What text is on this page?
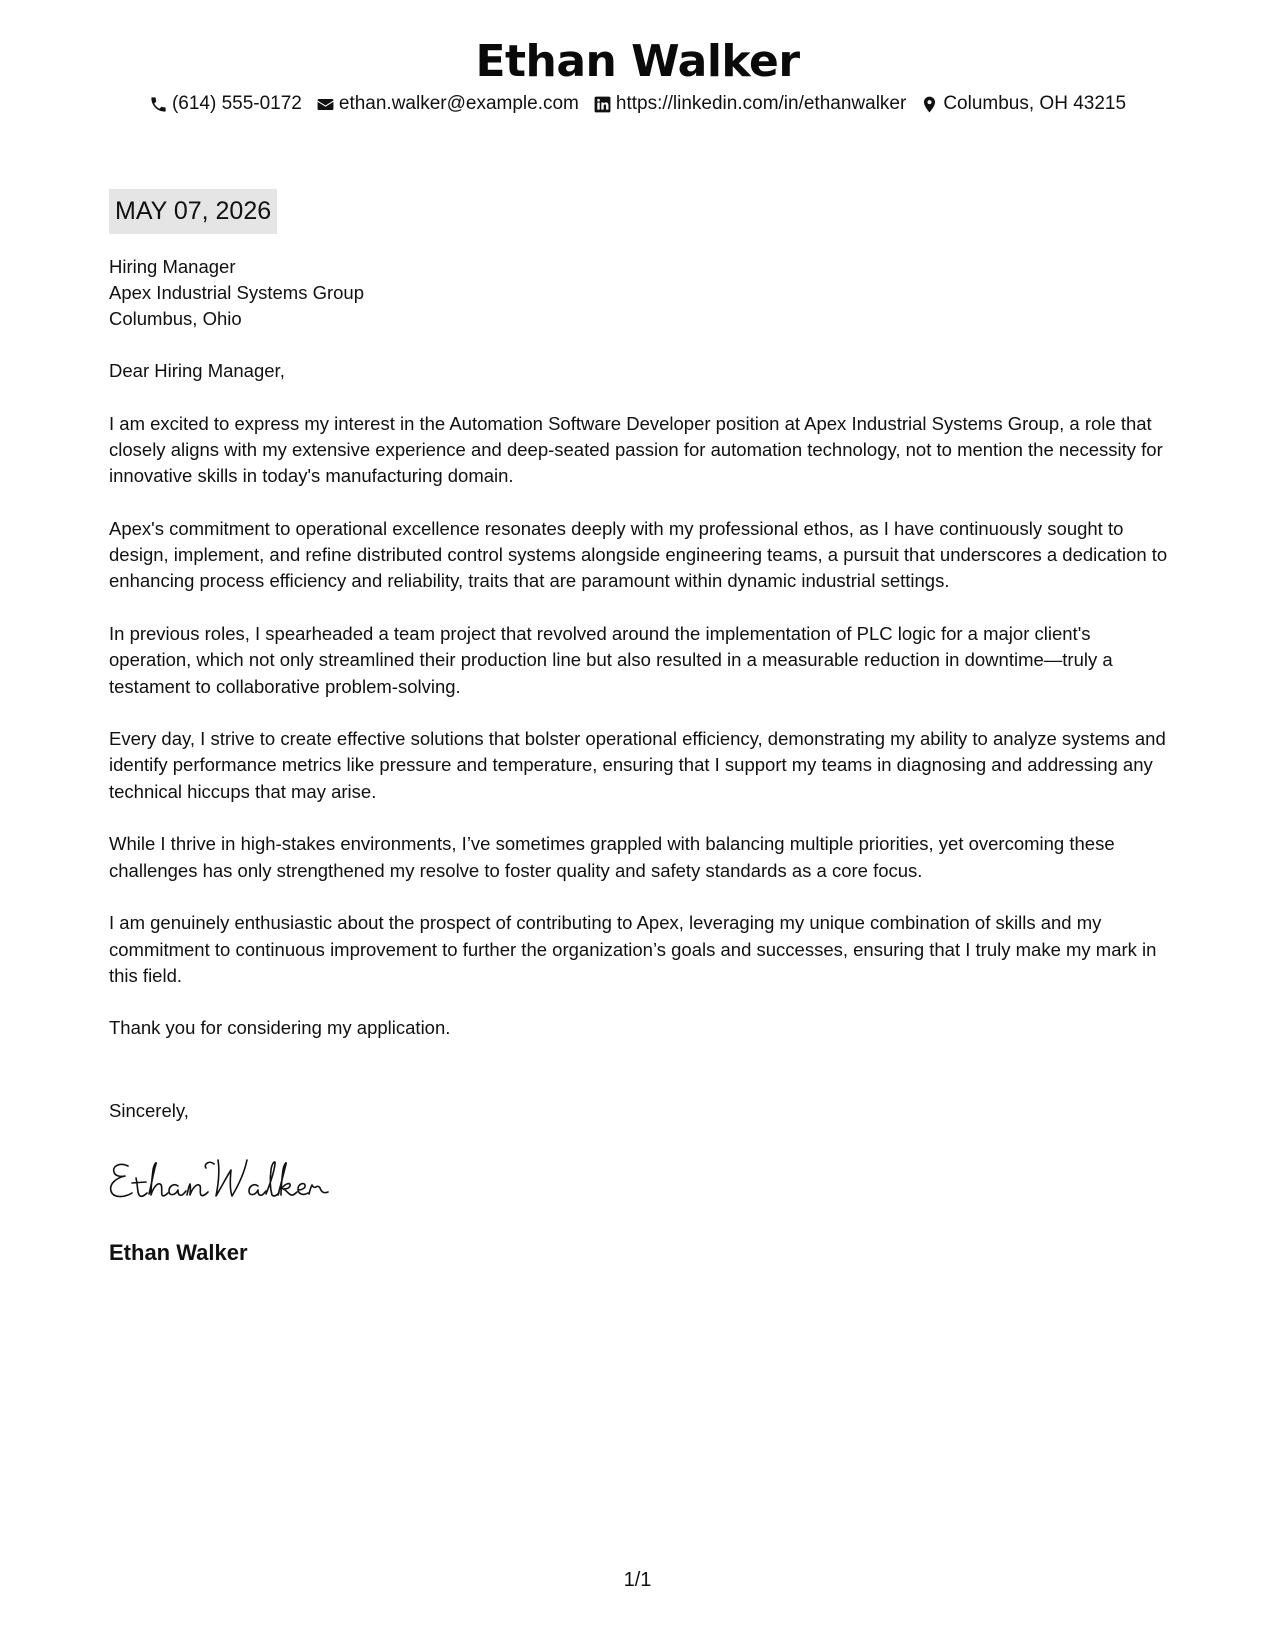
Ethan Walker
(614) 555-0172 ethan.walker@example.com https://linkedin.com/in/ethanwalker Columbus, OH 43215
MAY 07, 2026
Hiring Manager
Apex Industrial Systems Group
Columbus, Ohio

Dear Hiring Manager,

I am excited to express my interest in the Automation Software Developer position at Apex Industrial Systems Group, a role that closely aligns with my extensive experience and deep-seated passion for automation technology, not to mention the necessity for innovative skills in today's manufacturing domain.

Apex's commitment to operational excellence resonates deeply with my professional ethos, as I have continuously sought to design, implement, and refine distributed control systems alongside engineering teams, a pursuit that underscores a dedication to enhancing process efficiency and reliability, traits that are paramount within dynamic industrial settings.

In previous roles, I spearheaded a team project that revolved around the implementation of PLC logic for a major client's operation, which not only streamlined their production line but also resulted in a measurable reduction in downtime—truly a testament to collaborative problem-solving.

Every day, I strive to create effective solutions that bolster operational efficiency, demonstrating my ability to analyze systems and identify performance metrics like pressure and temperature, ensuring that I support my teams in diagnosing and addressing any technical hiccups that may arise.

While I thrive in high-stakes environments, I’ve sometimes grappled with balancing multiple priorities, yet overcoming these challenges has only strengthened my resolve to foster quality and safety standards as a core focus.

I am genuinely enthusiastic about the prospect of contributing to Apex, leveraging my unique combination of skills and my commitment to continuous improvement to further the organization’s goals and successes, ensuring that I truly make my mark in this field.

Thank you for considering my application.

Sincerely,
Ethan Walker
1/1
